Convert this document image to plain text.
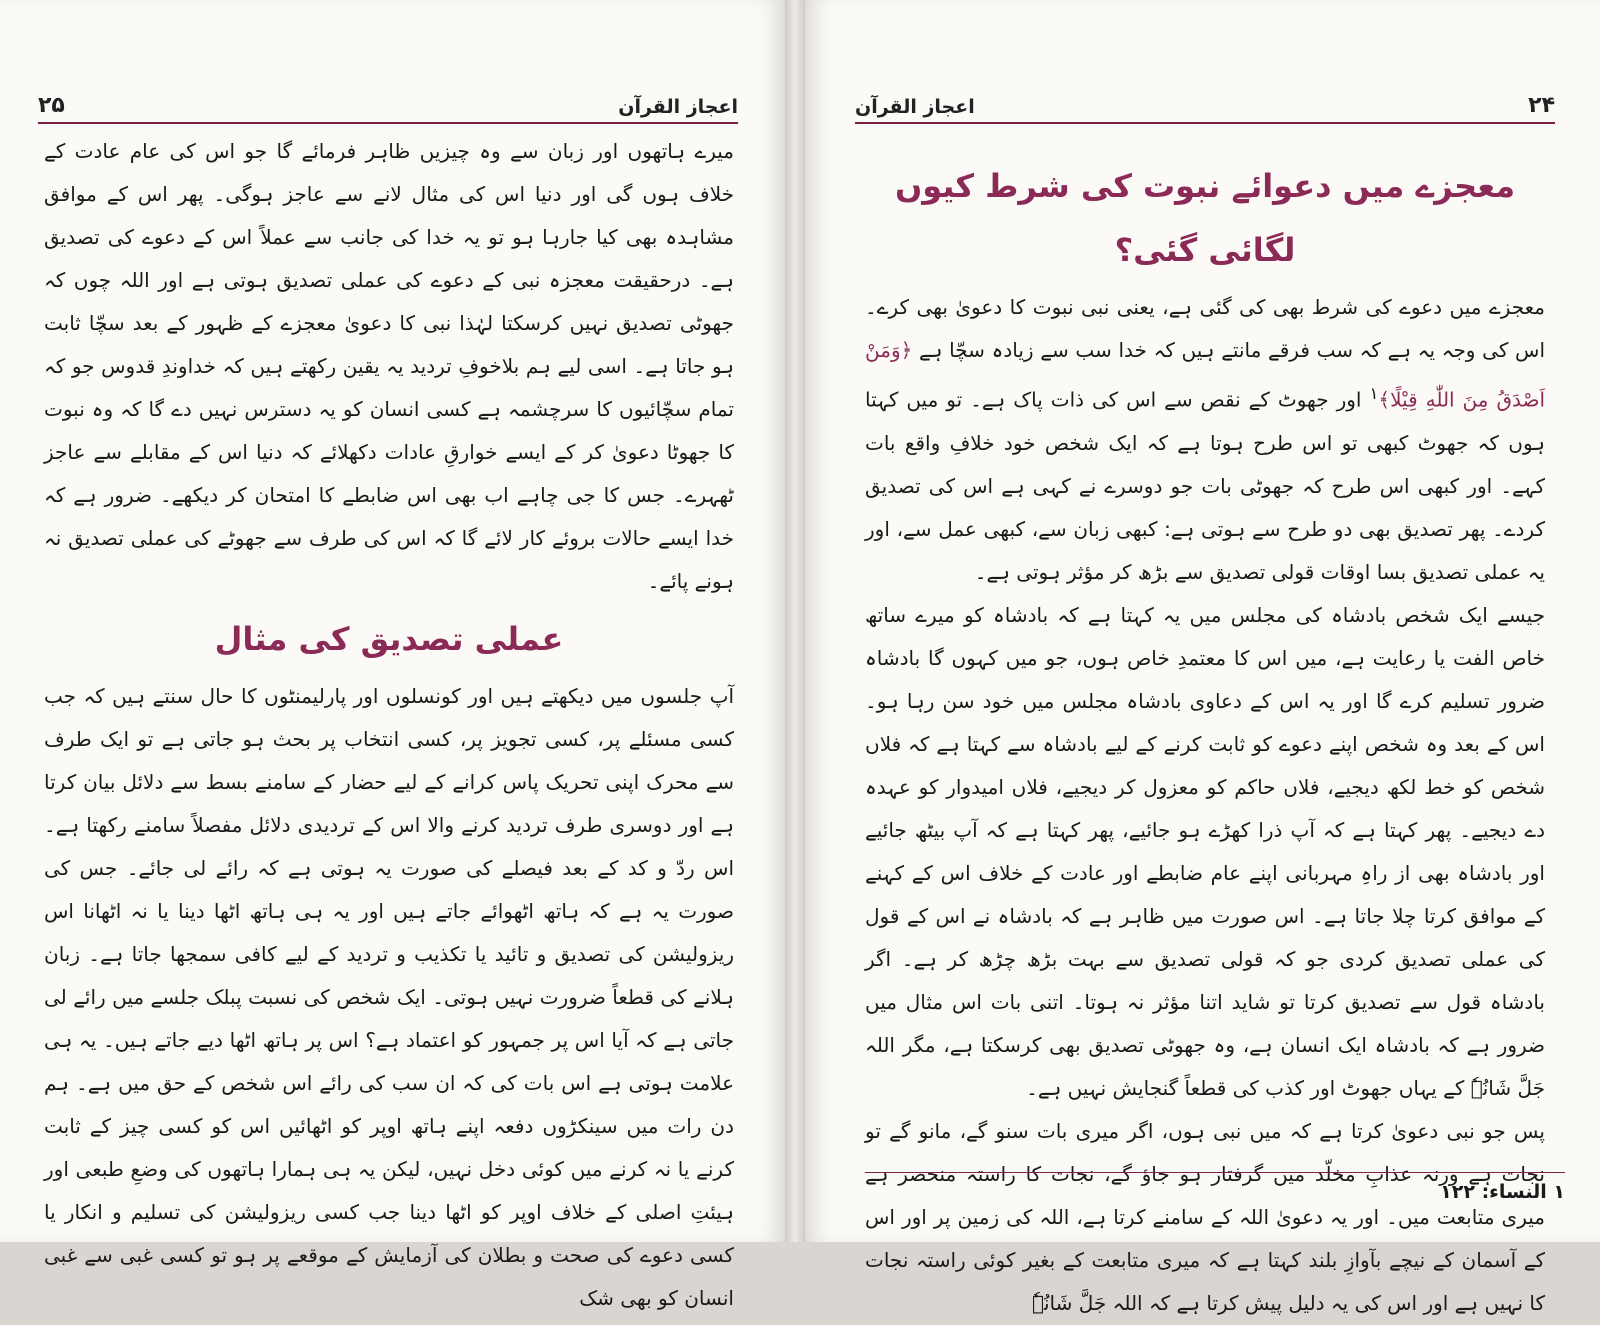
اعجاز القرآن
۲۵

میرے ہاتھوں اور زبان سے وہ چیزیں ظاہر فرمائے گا جو اس کی عام عادت کے خلاف ہوں گی اور دنیا اس کی مثال لانے سے عاجز ہوگی۔ پھر اس کے موافق مشاہدہ بھی کیا جارہا ہو تو یہ خدا کی جانب سے عملاً اس کے دعوے کی تصدیق ہے۔ درحقیقت معجزہ نبی کے دعوے کی عملی تصدیق ہوتی ہے اور اللہ چوں کہ جھوٹی تصدیق نہیں کرسکتا لہٰذا نبی کا دعویٰ معجزے کے ظہور کے بعد سچّا ثابت ہو جاتا ہے۔ اسی لیے ہم بلاخوفِ تردید یہ یقین رکھتے ہیں کہ خداوندِ قدوس جو کہ تمام سچّائیوں کا سرچشمہ ہے کسی انسان کو یہ دسترس نہیں دے گا کہ وہ نبوت کا جھوٹا دعویٰ کر کے ایسے خوارقِ عادات دکھلائے کہ دنیا اس کے مقابلے سے عاجز ٹھہرے۔ جس کا جی چاہے اب بھی اس ضابطے کا امتحان کر دیکھے۔ ضرور ہے کہ خدا ایسے حالات بروئے کار لائے گا کہ اس کی طرف سے جھوٹے کی عملی تصدیق نہ ہونے پائے۔

عملی تصدیق کی مثال

آپ جلسوں میں دیکھتے ہیں اور کونسلوں اور پارلیمنٹوں کا حال سنتے ہیں کہ جب کسی مسئلے پر، کسی تجویز پر، کسی انتخاب پر بحث ہو جاتی ہے تو ایک طرف سے محرک اپنی تحریک پاس کرانے کے لیے حضار کے سامنے بسط سے دلائل بیان کرتا ہے اور دوسری طرف تردید کرنے والا اس کے تردیدی دلائل مفصلاً سامنے رکھتا ہے۔ اس ردّ و کد کے بعد فیصلے کی صورت یہ ہوتی ہے کہ رائے لی جائے۔ جس کی صورت یہ ہے کہ ہاتھ اٹھوائے جاتے ہیں اور یہ ہی ہاتھ اٹھا دینا یا نہ اٹھانا اس ریزولیشن کی تصدیق و تائید یا تکذیب و تردید کے لیے کافی سمجھا جاتا ہے۔ زبان ہلانے کی قطعاً ضرورت نہیں ہوتی۔ ایک شخص کی نسبت پبلک جلسے میں رائے لی جاتی ہے کہ آیا اس پر جمہور کو اعتماد ہے؟ اس پر ہاتھ اٹھا دیے جاتے ہیں۔ یہ ہی علامت ہوتی ہے اس بات کی کہ ان سب کی رائے اس شخص کے حق میں ہے۔ ہم دن رات میں سینکڑوں دفعہ اپنے ہاتھ اوپر کو اٹھائیں اس کو کسی چیز کے ثابت کرنے یا نہ کرنے میں کوئی دخل نہیں، لیکن یہ ہی ہمارا ہاتھوں کی وضعِ طبعی اور ہیئتِ اصلی کے خلاف اوپر کو اٹھا دینا جب کسی ریزولیشن کی تسلیم و انکار یا کسی دعوے کی صحت و بطلان کی آزمایش کے موقعے پر ہو تو کسی غبی سے غبی انسان کو بھی شک

۲۴
اعجاز القرآن
معجزے میں دعوائے نبوت کی شرط کیوں لگائی گئی؟

معجزے میں دعوے کی شرط بھی کی گئی ہے، یعنی نبی نبوت کا دعویٰ بھی کرے۔ اس کی وجہ یہ ہے کہ سب فرقے مانتے ہیں کہ خدا سب سے زیادہ سچّا ہے ﴿وَمَنْ اَصْدَقُ مِنَ اللّٰهِ قِيْلًا﴾$^۱$ اور جھوٹ کے نقص سے اس کی ذات پاک ہے۔ تو میں کہتا ہوں کہ جھوٹ کبھی تو اس طرح ہوتا ہے کہ ایک شخص خود خلافِ واقع بات کہے۔ اور کبھی اس طرح کہ جھوٹی بات جو دوسرے نے کہی ہے اس کی تصدیق کردے۔ پھر تصدیق بھی دو طرح سے ہوتی ہے: کبھی زبان سے، کبھی عمل سے، اور یہ عملی تصدیق بسا اوقات قولی تصدیق سے بڑھ کر مؤثر ہوتی ہے۔

جیسے ایک شخص بادشاہ کی مجلس میں یہ کہتا ہے کہ بادشاہ کو میرے ساتھ خاص الفت یا رعایت ہے، میں اس کا معتمدِ خاص ہوں، جو میں کہوں گا بادشاہ ضرور تسلیم کرے گا اور یہ اس کے دعاوی بادشاہ مجلس میں خود سن رہا ہو۔ اس کے بعد وہ شخص اپنے دعوے کو ثابت کرنے کے لیے بادشاہ سے کہتا ہے کہ فلاں شخص کو خط لکھ دیجیے، فلاں حاکم کو معزول کر دیجیے، فلاں امیدوار کو عہدہ دے دیجیے۔ پھر کہتا ہے کہ آپ ذرا کھڑے ہو جائیے، پھر کہتا ہے کہ آپ بیٹھ جائیے اور بادشاہ بھی از راہِ مہربانی اپنے عام ضابطے اور عادت کے خلاف اس کے کہنے کے موافق کرتا چلا جاتا ہے۔ اس صورت میں ظاہر ہے کہ بادشاہ نے اس کے قول کی عملی تصدیق کردی جو کہ قولی تصدیق سے بہت بڑھ چڑھ کر ہے۔ اگر بادشاہ قول سے تصدیق کرتا تو شاید اتنا مؤثر نہ ہوتا۔ اتنی بات اس مثال میں ضرور ہے کہ بادشاہ ایک انسان ہے، وہ جھوٹی تصدیق بھی کرسکتا ہے، مگر اللہ جَلَّ شَانُہٗ کے یہاں جھوٹ اور کذب کی قطعاً گنجایش نہیں ہے۔

پس جو نبی دعویٰ کرتا ہے کہ میں نبی ہوں، اگر میری بات سنو گے، مانو گے تو نجات ہے ورنہ عذابِ مخلّد میں گرفتار ہو جاؤ گے، نجات کا راستہ منحصر ہے میری متابعت میں۔ اور یہ دعویٰ اللہ کے سامنے کرتا ہے، اللہ کی زمین پر اور اس کے آسمان کے نیچے بآوازِ بلند کہتا ہے کہ میری متابعت کے بغیر کوئی راستہ نجات کا نہیں ہے اور اس کی یہ دلیل پیش کرتا ہے کہ اللہ جَلَّ شَانُہٗ

۱ النساء: ۱۲۲
